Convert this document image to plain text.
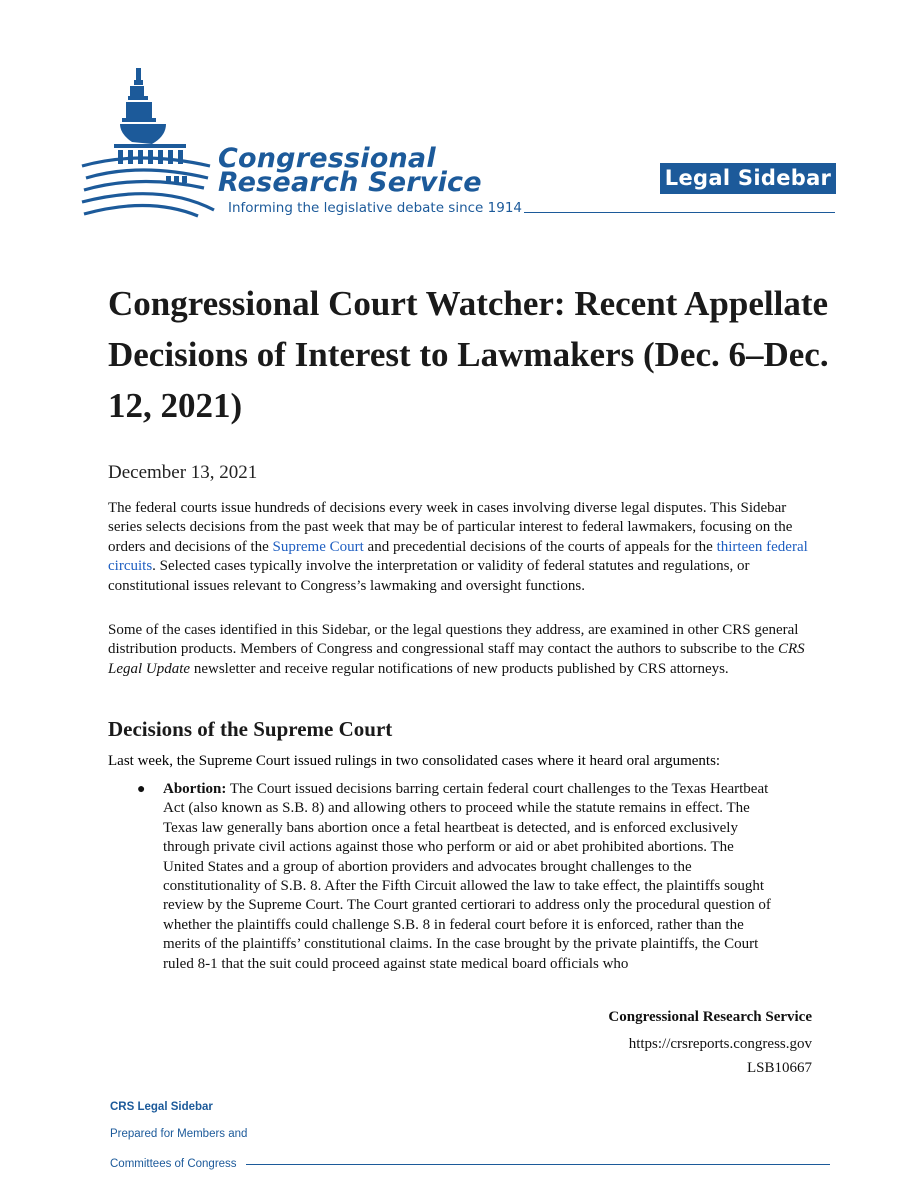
Congressional
Research Service
Informing the legislative debate since 1914
Legal Sidebar
Congressional Court Watcher: Recent Appellate Decisions of Interest to Lawmakers (Dec. 6–Dec. 12, 2021)
December 13, 2021

The federal courts issue hundreds of decisions every week in cases involving diverse legal disputes. This Sidebar series selects decisions from the past week that may be of particular interest to federal lawmakers, focusing on the orders and decisions of the Supreme Court and precedential decisions of the courts of appeals for the thirteen federal circuits. Selected cases typically involve the interpretation or validity of federal statutes and regulations, or constitutional issues relevant to Congress’s lawmaking and oversight functions.

Some of the cases identified in this Sidebar, or the legal questions they address, are examined in other CRS general distribution products. Members of Congress and congressional staff may contact the authors to subscribe to the CRS Legal Update newsletter and receive regular notifications of new products published by CRS attorneys.

Decisions of the Supreme Court

Last week, the Supreme Court issued rulings in two consolidated cases where it heard oral arguments:

● Abortion: The Court issued decisions barring certain federal court challenges to the Texas Heartbeat Act (also known as S.B. 8) and allowing others to proceed while the statute remains in effect. The Texas law generally bans abortion once a fetal heartbeat is detected, and is enforced exclusively through private civil actions against those who perform or aid or abet prohibited abortions. The United States and a group of abortion providers and advocates brought challenges to the constitutionality of S.B. 8. After the Fifth Circuit allowed the law to take effect, the plaintiffs sought review by the Supreme Court. The Court granted certiorari to address only the procedural question of whether the plaintiffs could challenge S.B. 8 in federal court before it is enforced, rather than the merits of the plaintiffs’ constitutional claims. In the case brought by the private plaintiffs, the Court ruled 8-1 that the suit could proceed against state medical board officials who
Congressional Research Service
https://crsreports.congress.gov
LSB10667
CRS Legal Sidebar
Prepared for Members and
Committees of Congress
